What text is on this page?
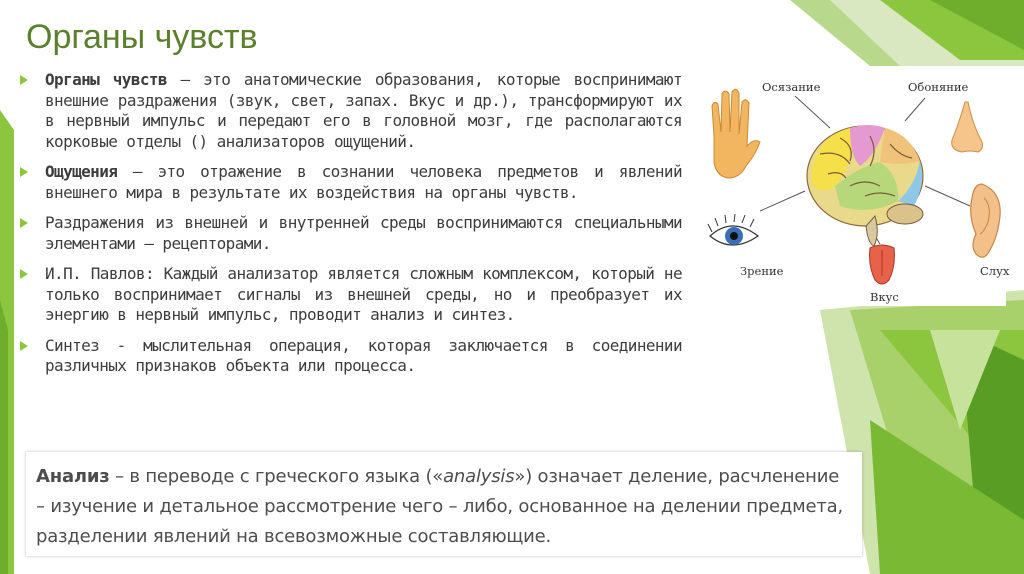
Органы чувств
Органы чувств – это анатомические образования, которые воспринимают внешние раздражения (звук, свет, запах. Вкус и др.), трансформируют их в нервный импульс и передают его в головной мозг, где располагаются корковые отделы () анализаторов ощущений.
Ощущения – это отражение в сознании человека предметов и явлений внешнего мира в результате их воздействия на органы чувств.
Раздражения из внешней и внутренней среды воспринимаются специальными элементами – рецепторами.
И.П. Павлов: Каждый анализатор является сложным комплексом, который не только воспринимает сигналы из внешней среды, но и преобразует их энергию в нервный импульс, проводит анализ и синтез.
Синтез - мыслительная операция, которая заключается в соединении различных признаков объекта или процесса.
Осязание	Обоняние
Зрение
Вкус
Слух

Анализ – в переводе с греческого языка («analysis») означает деление, расчленение – изучение и детальное рассмотрение чего – либо, основанное на делении предмета, разделении явлений на всевозможные составляющие.
